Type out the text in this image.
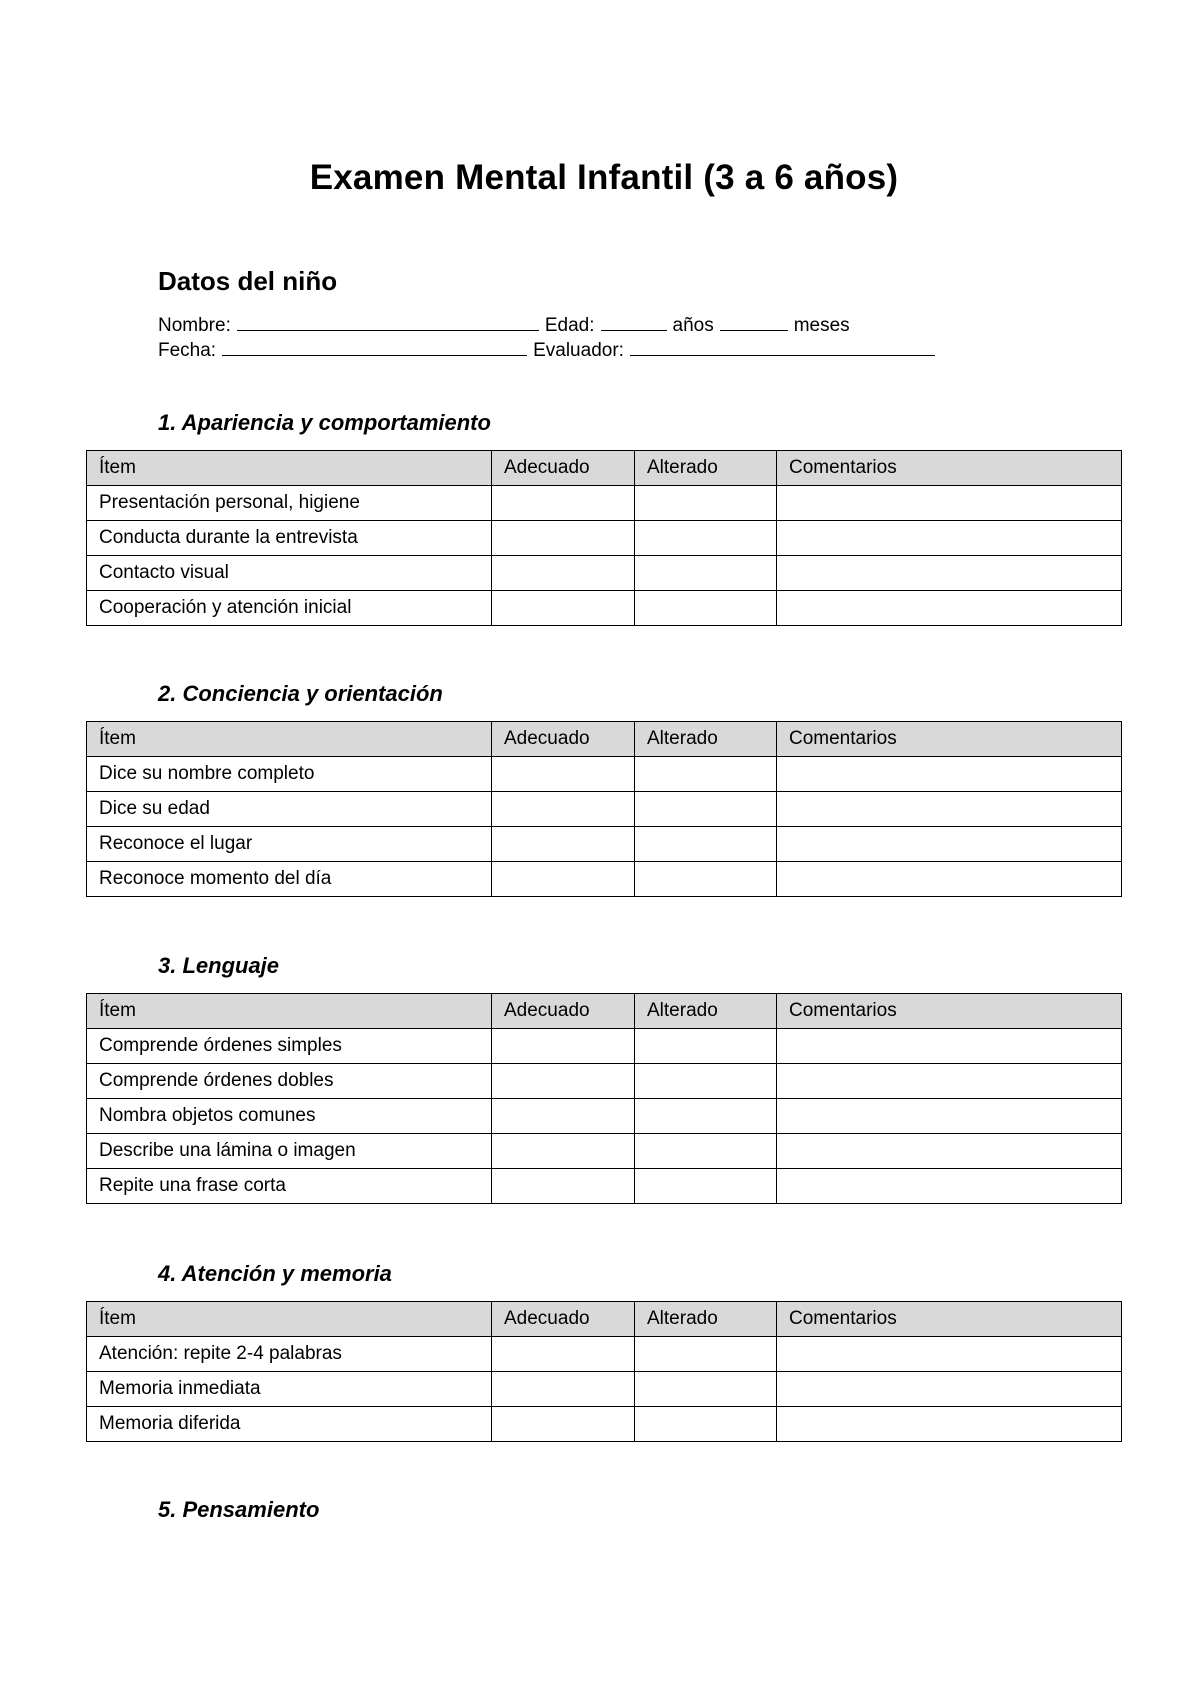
Examen Mental Infantil (3 a 6 años)
Datos del niño
Nombre:	Edad:	años	meses
Fecha:	Evaluador:
1. Apariencia y comportamiento
Ítem	Adecuado	Alterado	Comentarios
Presentación personal, higiene			
Conducta durante la entrevista			
Contacto visual			
Cooperación y atención inicial			
2. Conciencia y orientación
Ítem	Adecuado	Alterado	Comentarios
Dice su nombre completo			
Dice su edad			
Reconoce el lugar			
Reconoce momento del día			
3. Lenguaje
Ítem	Adecuado	Alterado	Comentarios
Comprende órdenes simples			
Comprende órdenes dobles			
Nombra objetos comunes			
Describe una lámina o imagen			
Repite una frase corta			
4. Atención y memoria
Ítem	Adecuado	Alterado	Comentarios
Atención: repite 2-4 palabras			
Memoria inmediata			
Memoria diferida			
5. Pensamiento
